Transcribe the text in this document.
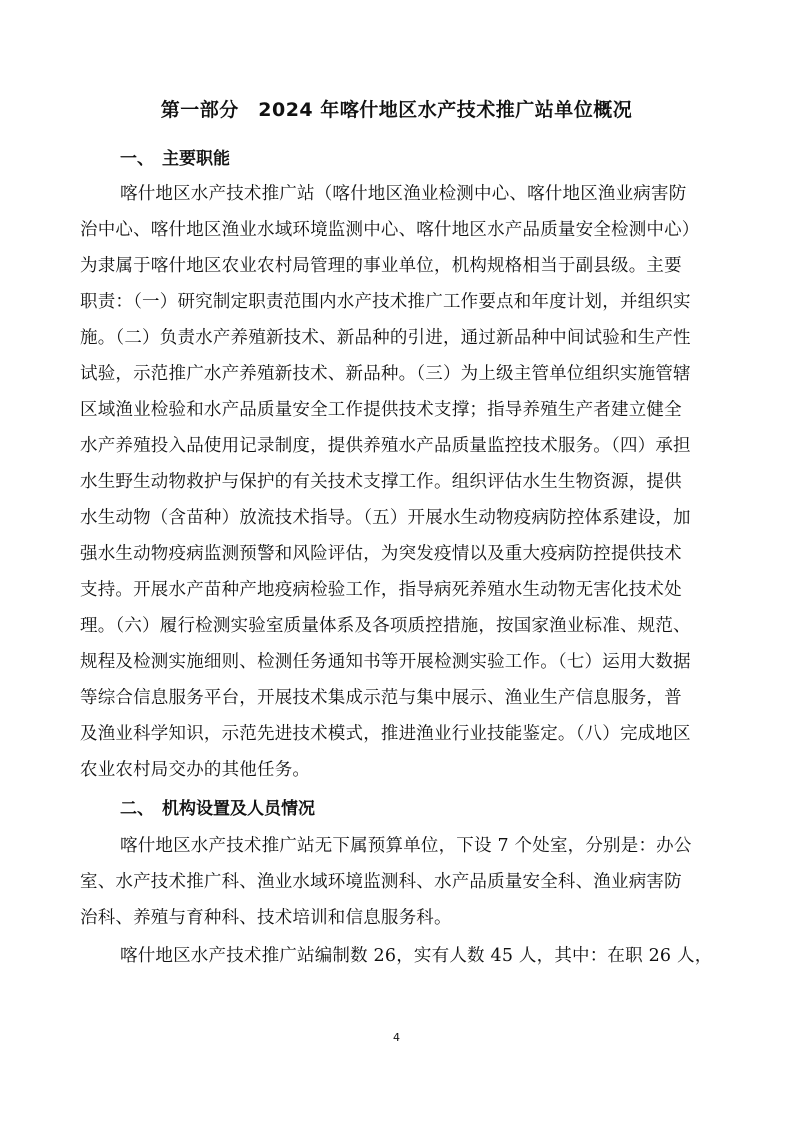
第一部分　2024 年喀什地区水产技术推广站单位概况
一、 主要职能
喀什地区水产技术推广站（喀什地区渔业检测中心、喀什地区渔业病害防
治中心、喀什地区渔业水域环境监测中心、喀什地区水产品质量安全检测中心）
为隶属于喀什地区农业农村局管理的事业单位，机构规格相当于副县级。主要
职责：（一）研究制定职责范围内水产技术推广工作要点和年度计划，并组织实
施。（二）负责水产养殖新技术、新品种的引进，通过新品种中间试验和生产性
试验，示范推广水产养殖新技术、新品种。（三）为上级主管单位组织实施管辖
区域渔业检验和水产品质量安全工作提供技术支撑；指导养殖生产者建立健全
水产养殖投入品使用记录制度，提供养殖水产品质量监控技术服务。（四）承担
水生野生动物救护与保护的有关技术支撑工作。组织评估水生生物资源，提供
水生动物（含苗种）放流技术指导。（五）开展水生动物疫病防控体系建设，加
强水生动物疫病监测预警和风险评估，为突发疫情以及重大疫病防控提供技术
支持。开展水产苗种产地疫病检验工作，指导病死养殖水生动物无害化技术处
理。（六）履行检测实验室质量体系及各项质控措施，按国家渔业标准、规范、
规程及检测实施细则、检测任务通知书等开展检测实验工作。（七）运用大数据
等综合信息服务平台，开展技术集成示范与集中展示、渔业生产信息服务，普
及渔业科学知识，示范先进技术模式，推进渔业行业技能鉴定。（八）完成地区
农业农村局交办的其他任务。
二、 机构设置及人员情况
喀什地区水产技术推广站无下属预算单位，下设 7 个处室，分别是：办公
室、水产技术推广科、渔业水域环境监测科、水产品质量安全科、渔业病害防
治科、养殖与育种科、技术培训和信息服务科。
喀什地区水产技术推广站编制数 26，实有人数 45 人，其中：在职 26 人，
4
